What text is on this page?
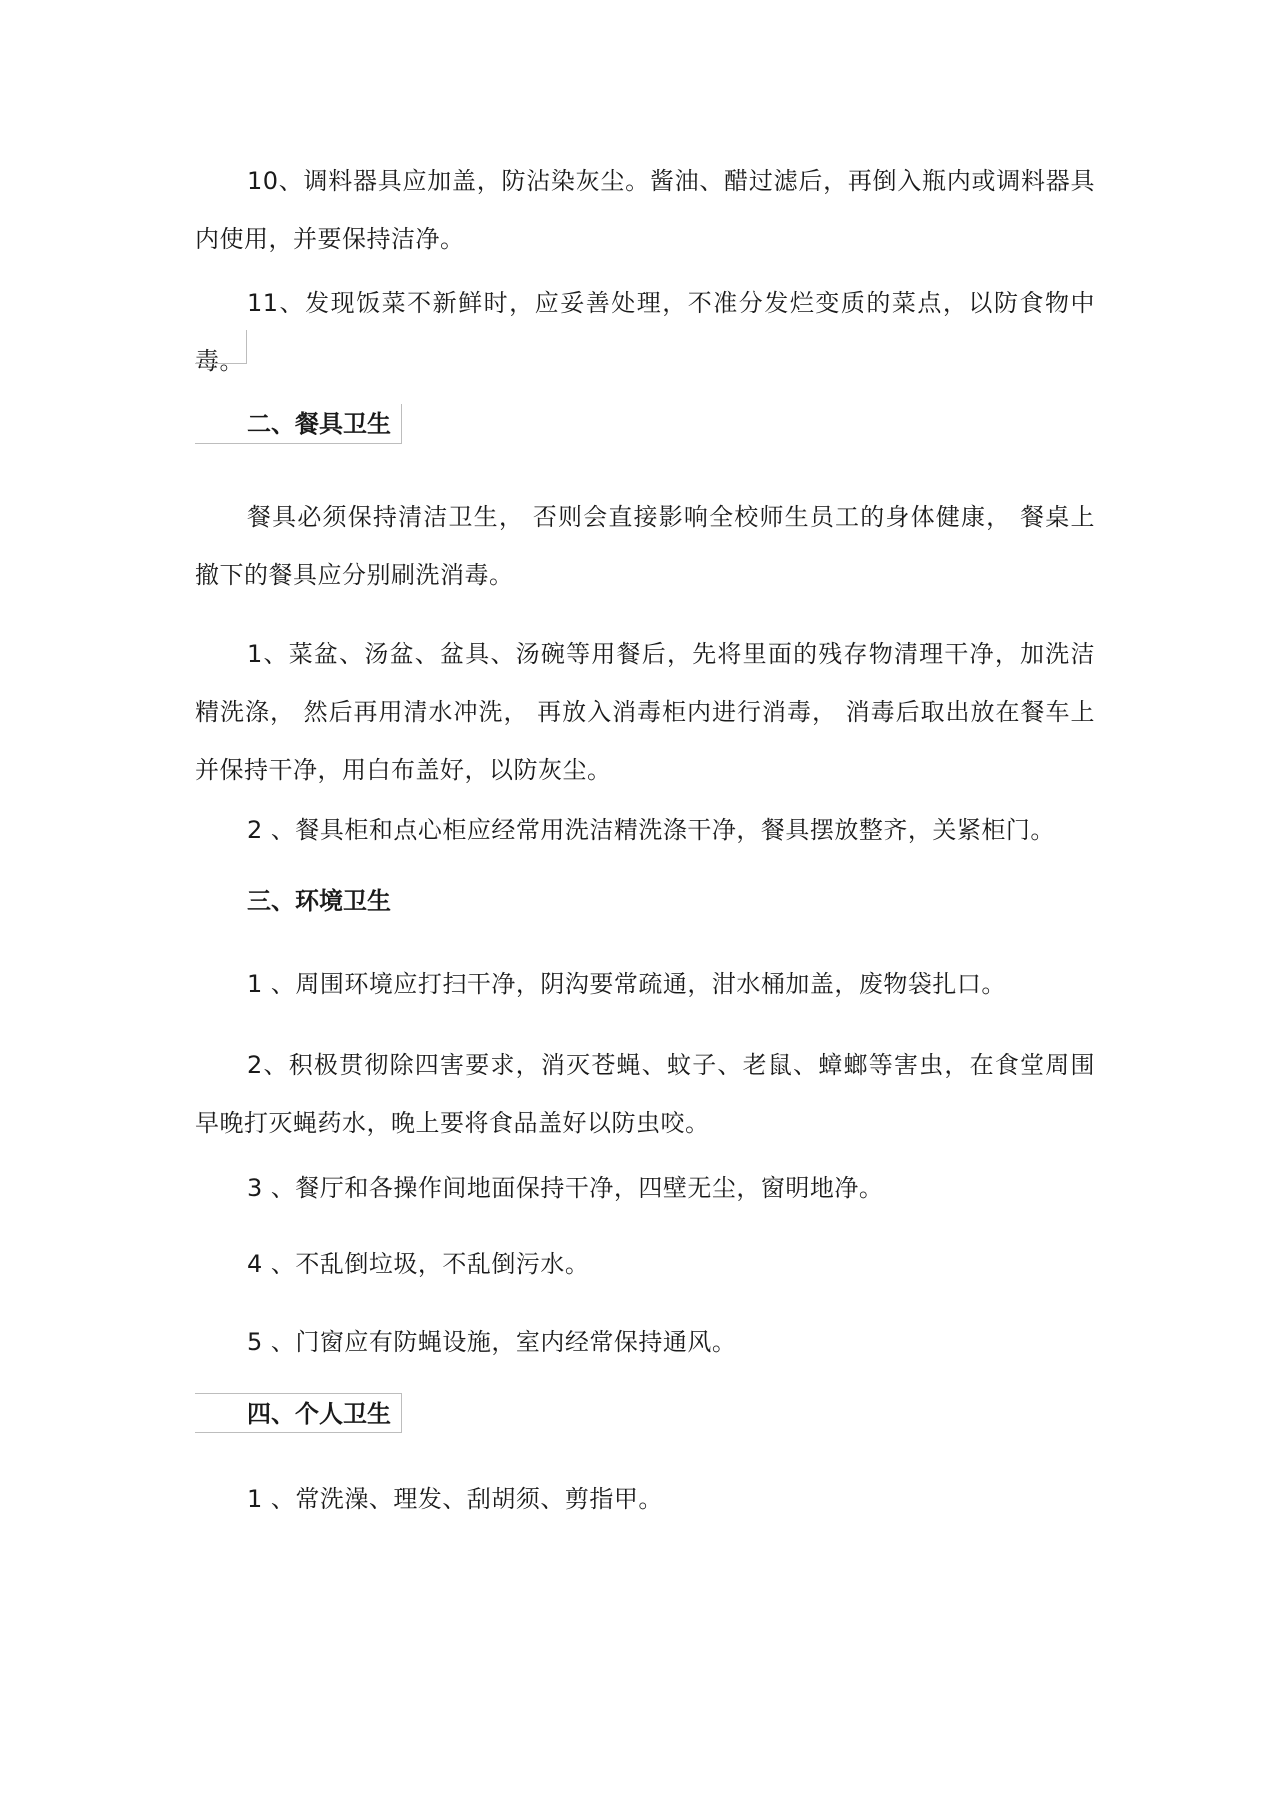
10、调料器具应加盖，防沾染灰尘。酱油、醋过滤后，再倒入瓶内或调料器具内使用，并要保持洁净。
11、发现饭菜不新鲜时，应妥善处理，不准分发烂变质的菜点，以防食物中毒。
二、餐具卫生
餐具必须保持清洁卫生， 否则会直接影响全校师生员工的身体健康， 餐桌上撤下的餐具应分别刷洗消毒。
1、菜盆、汤盆、盆具、汤碗等用餐后，先将里面的残存物清理干净，加洗洁精洗涤， 然后再用清水冲洗， 再放入消毒柜内进行消毒， 消毒后取出放在餐车上并保持干净，用白布盖好，以防灰尘。
2 、餐具柜和点心柜应经常用洗洁精洗涤干净，餐具摆放整齐，关紧柜门。
三、环境卫生
1 、周围环境应打扫干净，阴沟要常疏通，泔水桶加盖，废物袋扎口。
2、积极贯彻除四害要求，消灭苍蝇、蚊子、老鼠、蟑螂等害虫，在食堂周围早晚打灭蝇药水，晚上要将食品盖好以防虫咬。
3 、餐厅和各操作间地面保持干净，四壁无尘，窗明地净。
4 、不乱倒垃圾，不乱倒污水。
5 、门窗应有防蝇设施，室内经常保持通风。
四、个人卫生
1 、常洗澡、理发、刮胡须、剪指甲。
